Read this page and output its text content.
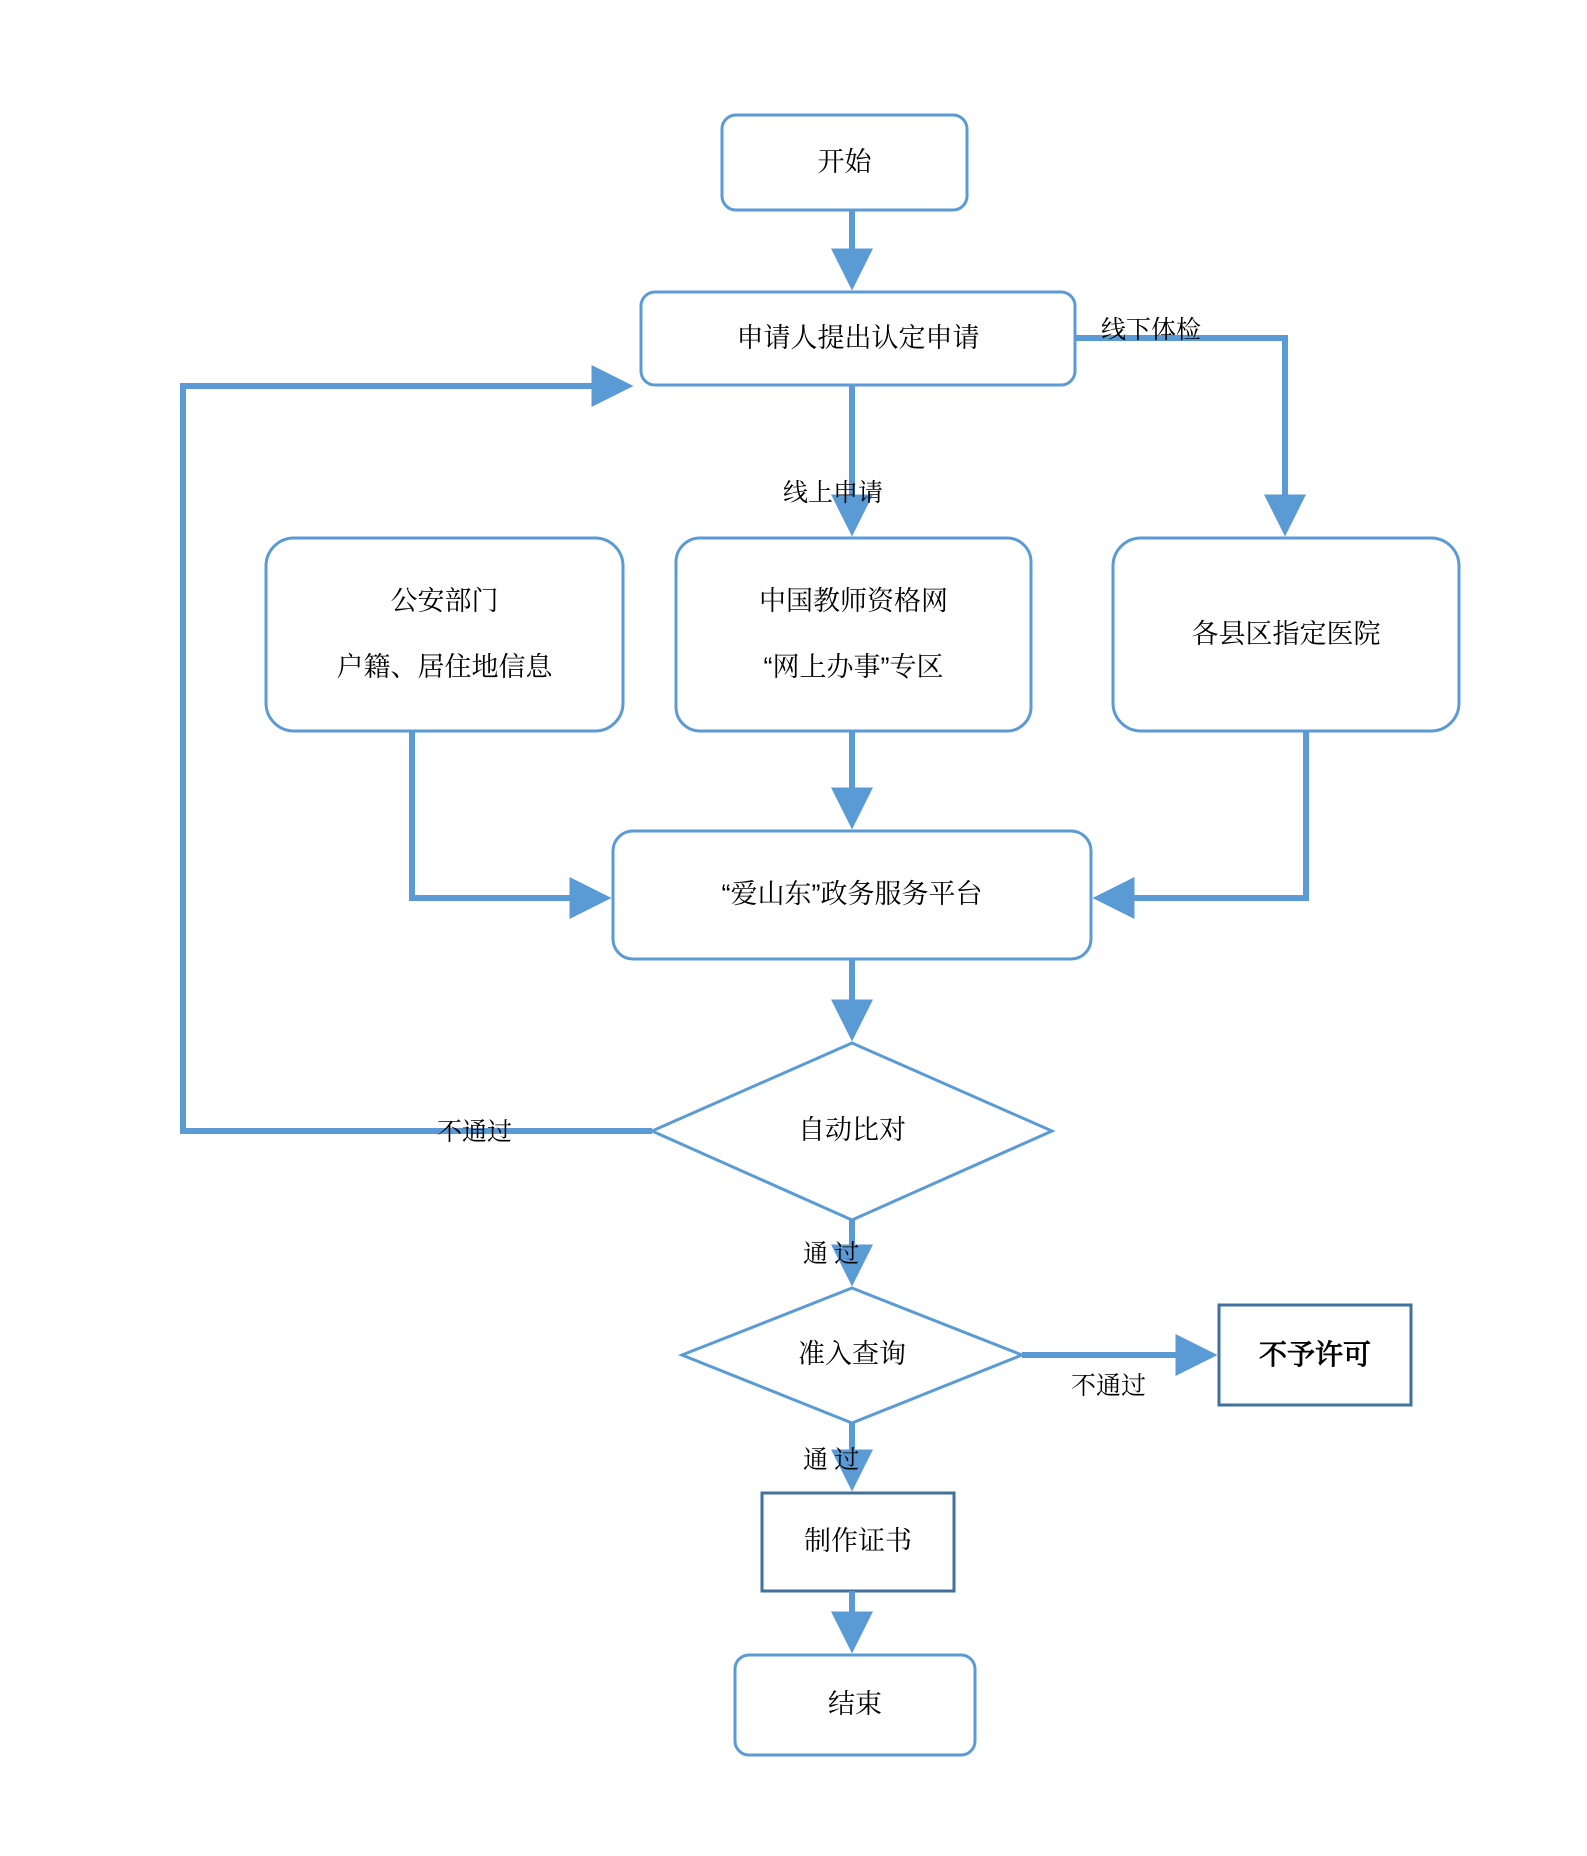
开始
申请人提出认定申请
公安部门
户籍、居住地信息
中国教师资格网
“网上办事”专区
各县区指定医院
“爱山东”政务服务平台
自动比对
准入查询	不予许可
制作证书
结束
线下体检
线上申请
不通过
通 过
不通过
通 过
